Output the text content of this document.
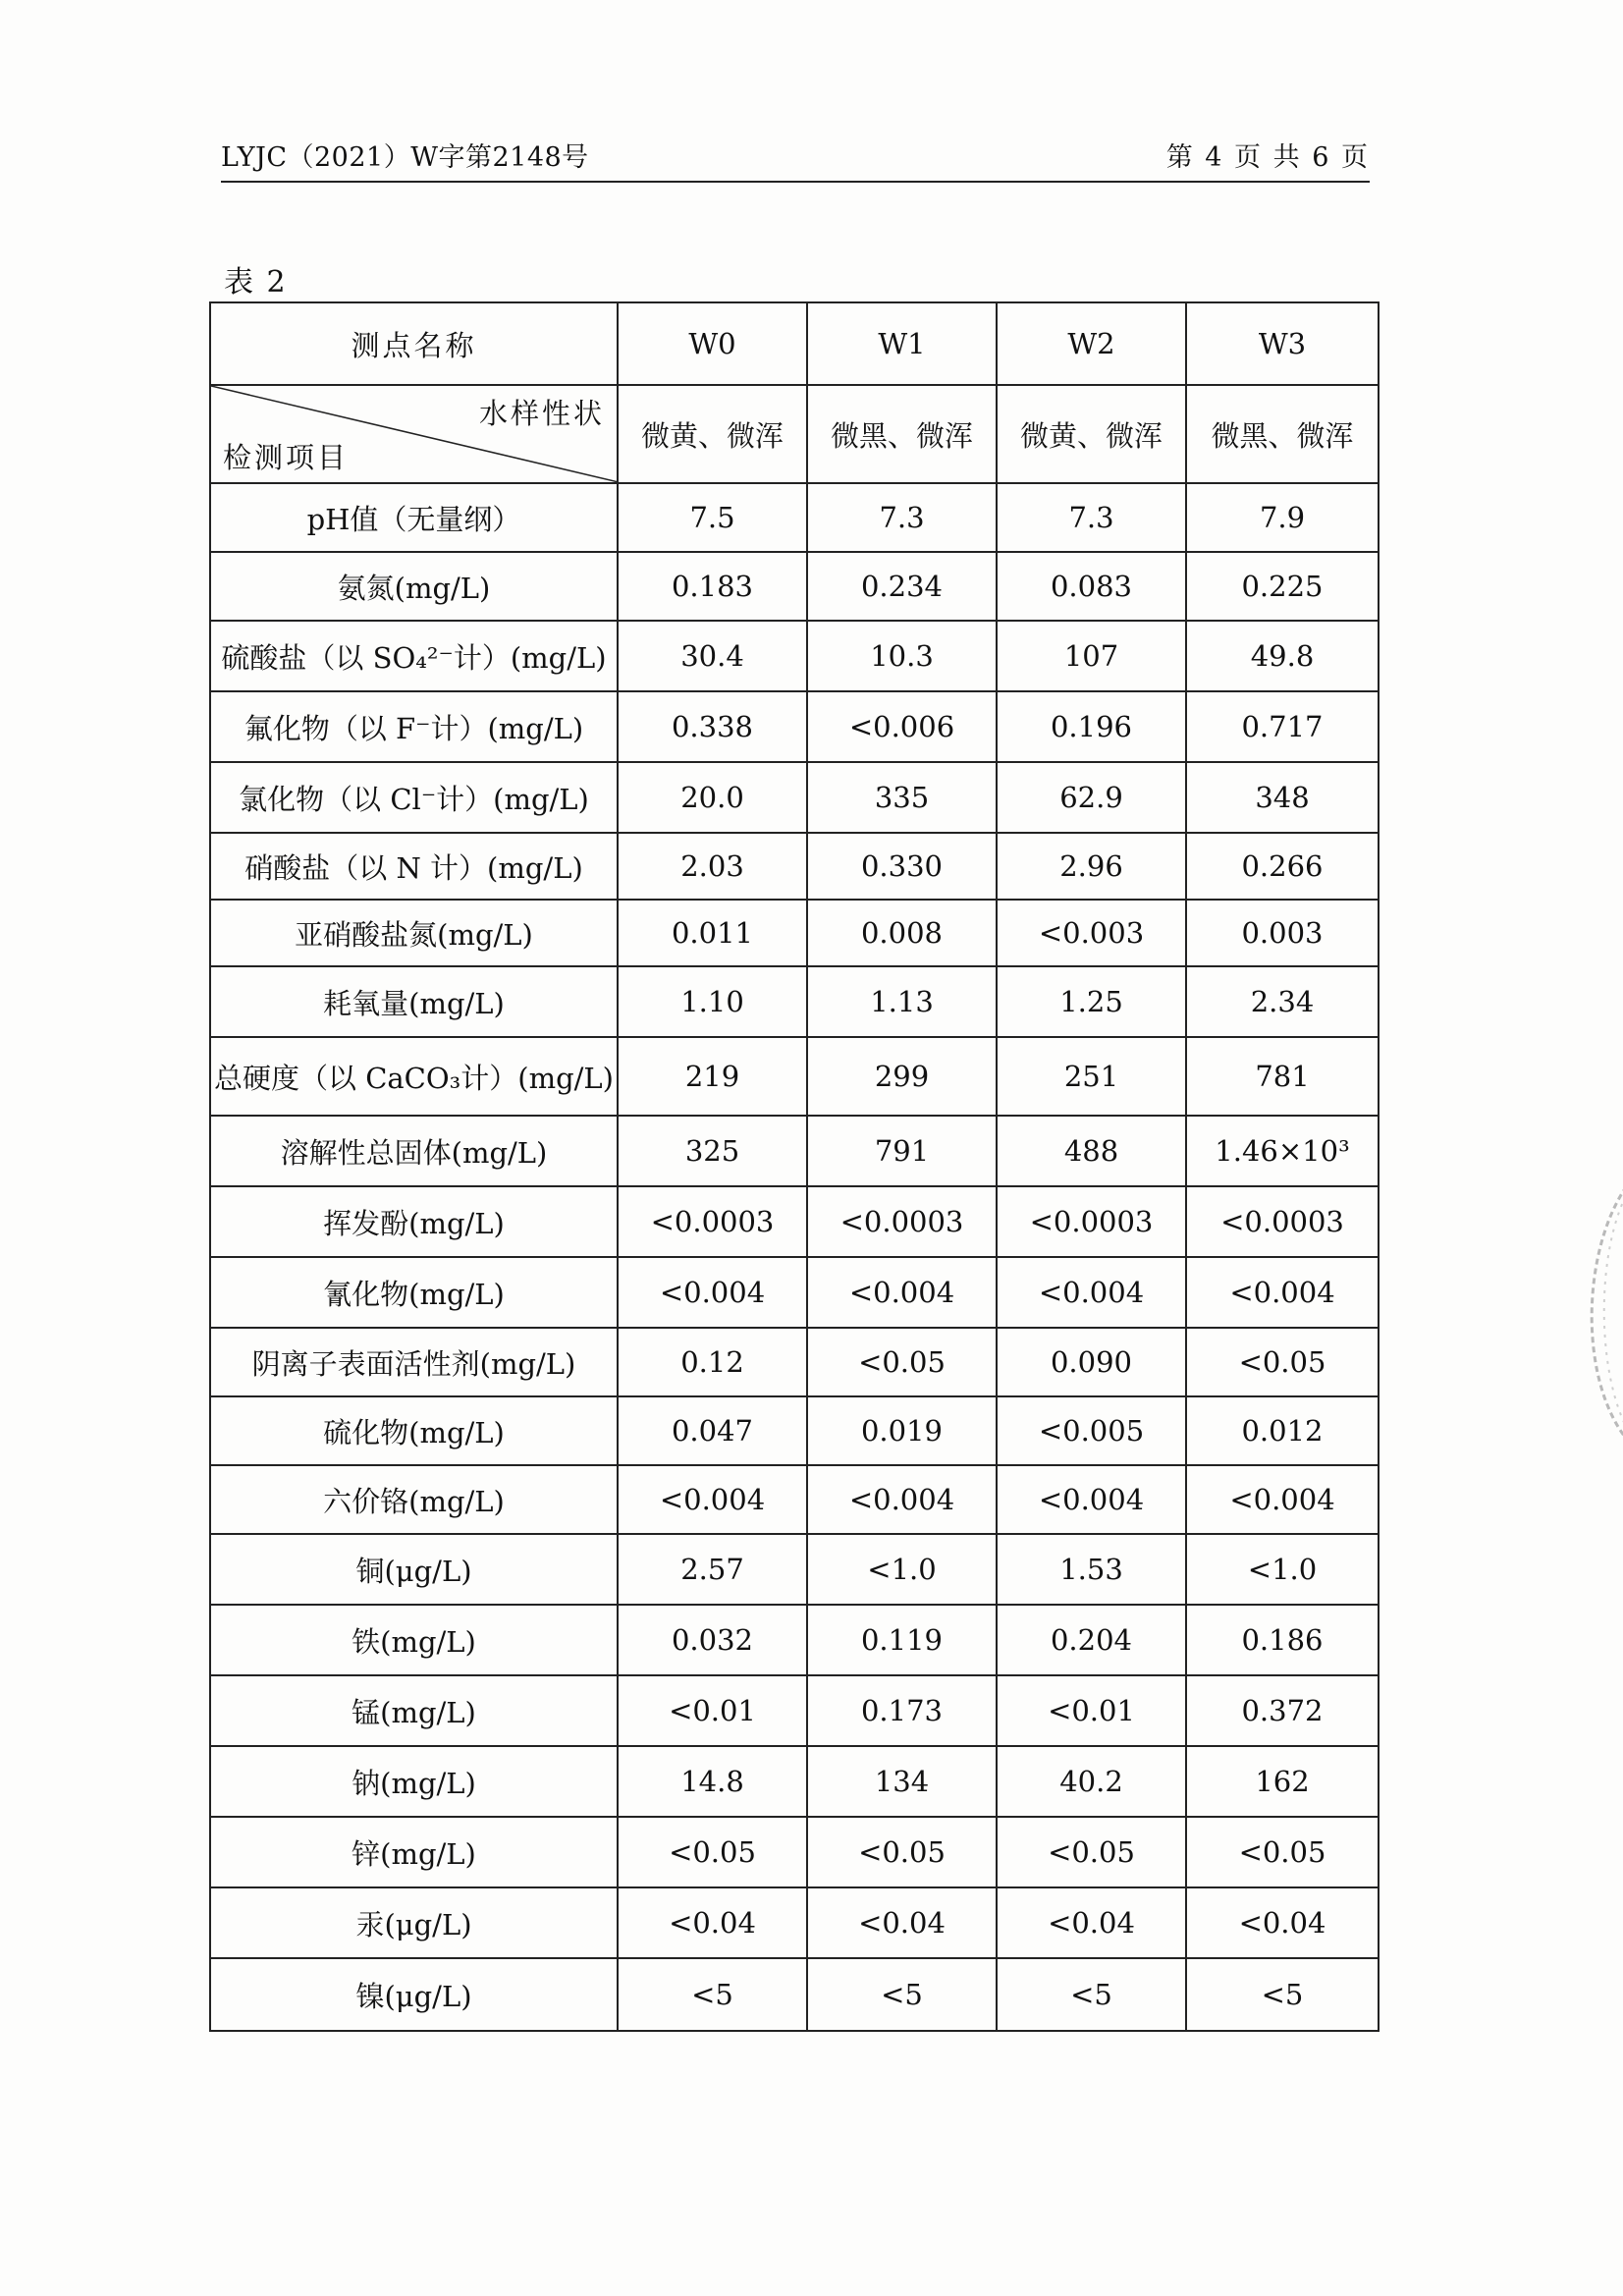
LYJC（2021）W字第2148号	第 4 页 共 6 页
表 2
测点名称	W0	W1	W2	W3

水样性状
检测项目	微黄、微浑	微黑、微浑	微黄、微浑	微黑、微浑
pH值（无量纲）	7.5	7.3	7.3	7.9
氨氮(mg/L)	0.183	0.234	0.083	0.225
硫酸盐（以 SO₄²⁻计）(mg/L)	30.4	10.3	107	49.8
氟化物（以 F⁻计）(mg/L)	0.338	<0.006	0.196	0.717
氯化物（以 Cl⁻计）(mg/L)	20.0	335	62.9	348
硝酸盐（以 N 计）(mg/L)	2.03	0.330	2.96	0.266
亚硝酸盐氮(mg/L)	0.011	0.008	<0.003	0.003
耗氧量(mg/L)	1.10	1.13	1.25	2.34
总硬度（以 CaCO₃计）(mg/L)	219	299	251	781
溶解性总固体(mg/L)	325	791	488	1.46×10³
挥发酚(mg/L)	<0.0003	<0.0003	<0.0003	<0.0003
氰化物(mg/L)	<0.004	<0.004	<0.004	<0.004
阴离子表面活性剂(mg/L)	0.12	<0.05	0.090	<0.05
硫化物(mg/L)	0.047	0.019	<0.005	0.012
六价铬(mg/L)	<0.004	<0.004	<0.004	<0.004
铜(μg/L)	2.57	<1.0	1.53	<1.0
铁(mg/L)	0.032	0.119	0.204	0.186
锰(mg/L)	<0.01	0.173	<0.01	0.372
钠(mg/L)	14.8	134	40.2	162
锌(mg/L)	<0.05	<0.05	<0.05	<0.05
汞(μg/L)	<0.04	<0.04	<0.04	<0.04
镍(μg/L)	<5	<5	<5	<5
